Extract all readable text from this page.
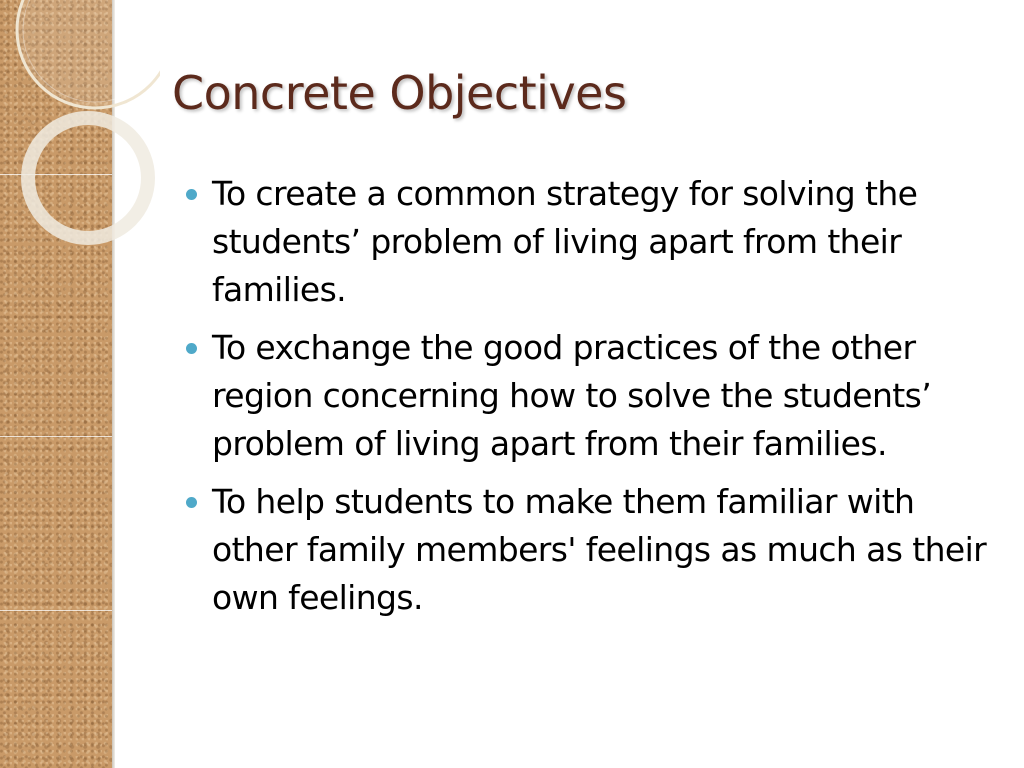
Concrete Objectives
To create a common strategy for solving the students’ problem of living apart from their families.
To exchange the good practices of the other region concerning how to solve the students’ problem of living apart from their families.
To help students to make them familiar with other family members' feelings as much as their own feelings.
